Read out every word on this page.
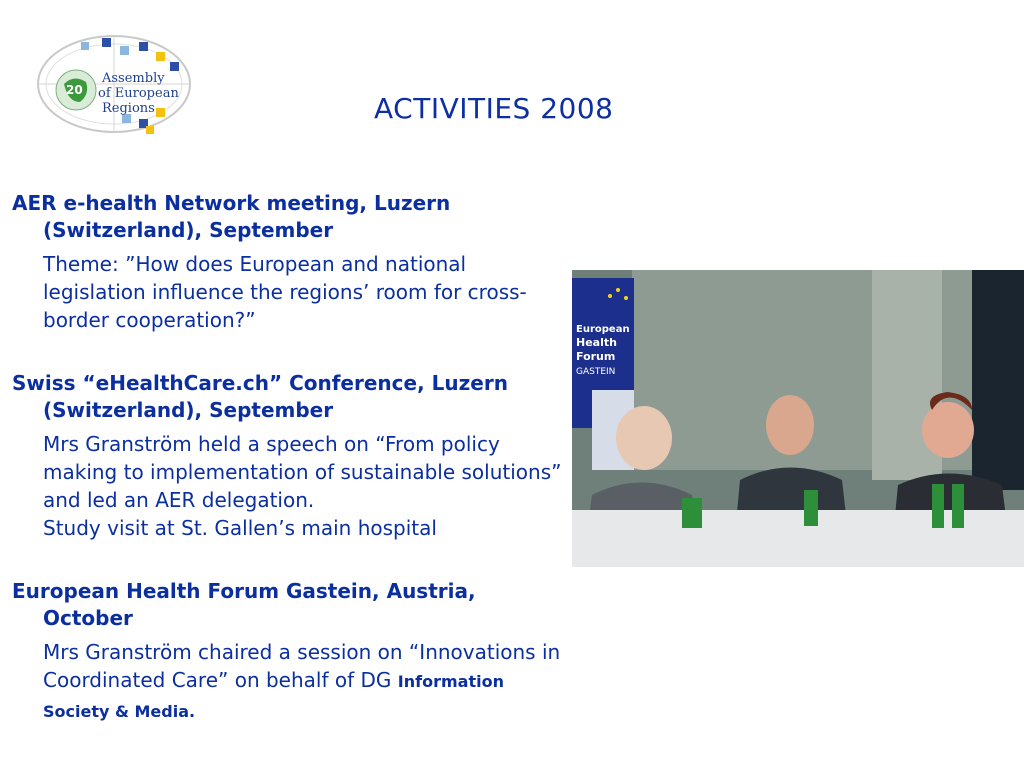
20
Assembly
of European
Regions	ACTIVITIES 2008
AER e-health Network meeting, Luzern (Switzerland), September
Theme: ”How does European and national legislation influence the regions’ room for cross-border cooperation?”
Swiss “eHealthCare.ch” Conference, Luzern (Switzerland), September
Mrs Granström held a speech on “From policy making to implementation of sustainable solutions” and led an AER delegation.
Study visit at St. Gallen’s main hospital
European Health Forum Gastein, Austria, October
Mrs Granström chaired a session on “Innovations in Coordinated Care” on behalf of DG Information Society & Media.
European
Health
Forum
GASTEIN
